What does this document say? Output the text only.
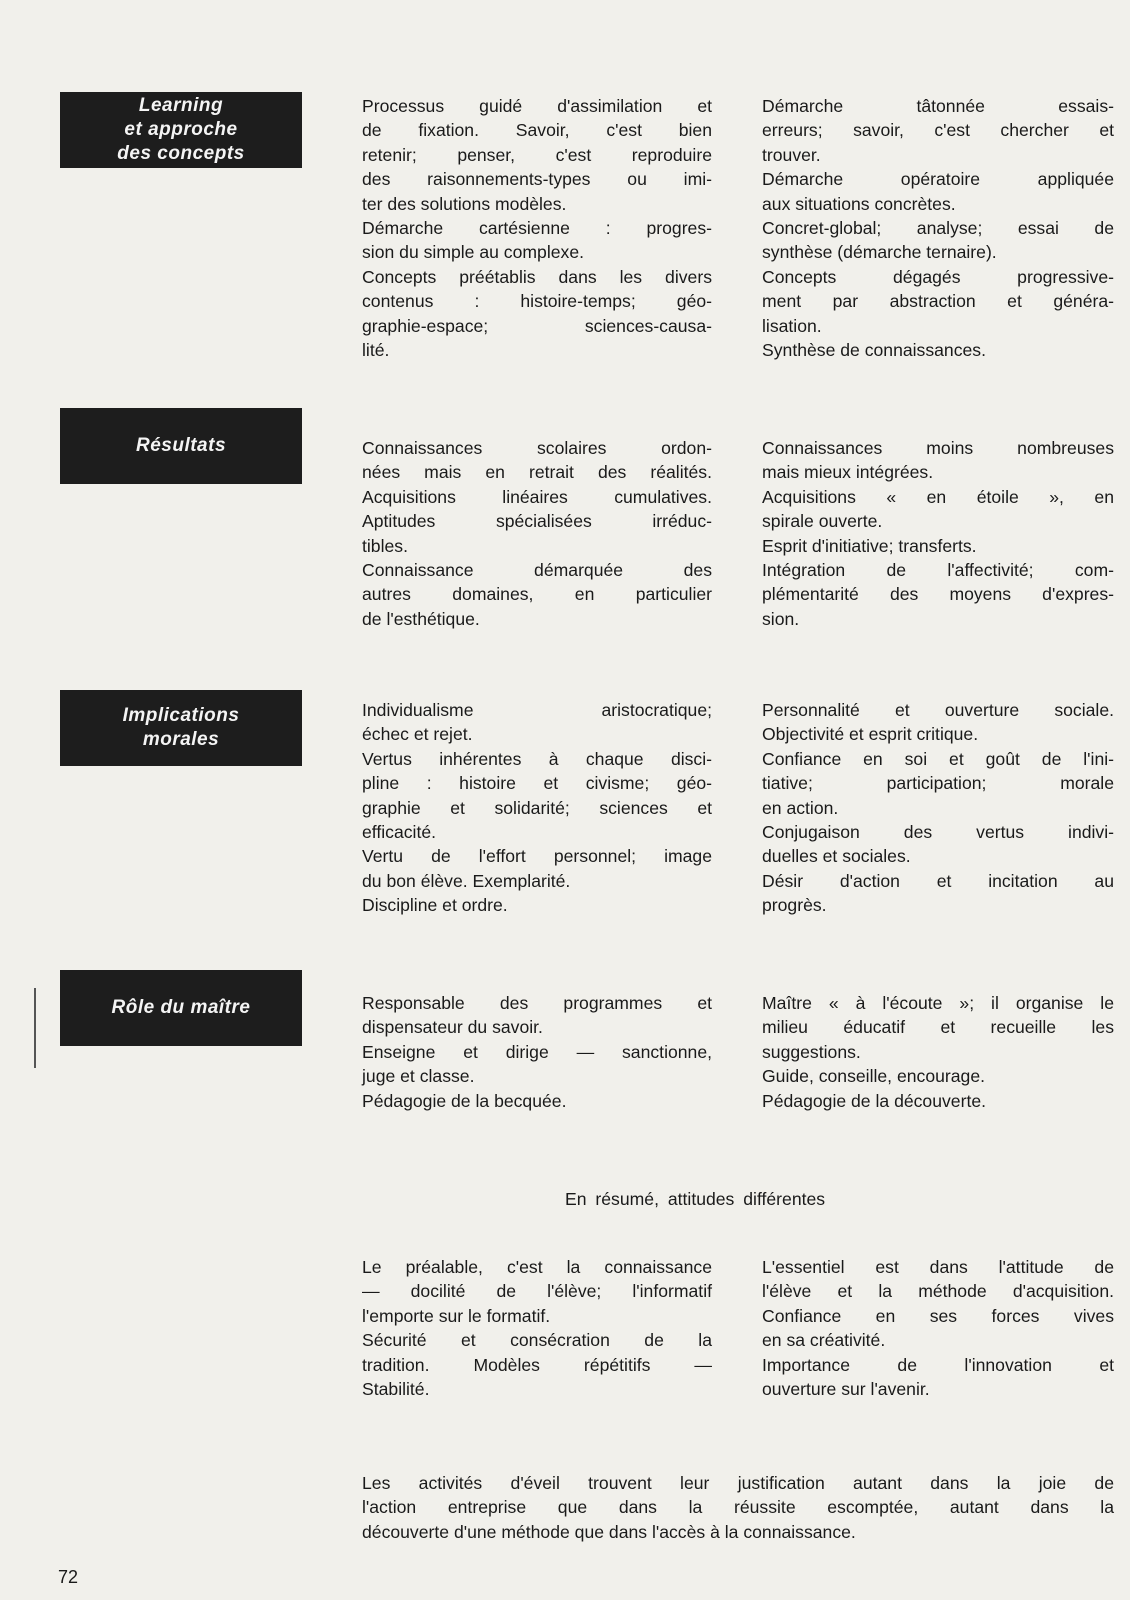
Learning
et approche
des concepts
Processus guidé d'assimilation et
de fixation. Savoir, c'est bien
retenir; penser, c'est reproduire
des raisonnements-types ou imi-
ter des solutions modèles.
Démarche cartésienne : progres-
sion du simple au complexe.
Concepts préétablis dans les divers
contenus : histoire-temps; géo-
graphie-espace; sciences-causa-
lité.
Démarche tâtonnée essais-
erreurs; savoir, c'est chercher et
trouver.
Démarche opératoire appliquée
aux situations concrètes.
Concret-global; analyse; essai de
synthèse (démarche ternaire).
Concepts dégagés progressive-
ment par abstraction et généra-
lisation.
Synthèse de connaissances.
Résultats	Connaissances scolaires ordon-
nées mais en retrait des réalités.
Acquisitions linéaires cumulatives.
Aptitudes spécialisées irréduc-
tibles.
Connaissance démarquée des
autres domaines, en particulier
de l'esthétique.
Connaissances moins nombreuses
mais mieux intégrées.
Acquisitions « en étoile », en
spirale ouverte.
Esprit d'initiative; transferts.
Intégration de l'affectivité; com-
plémentarité des moyens d'expres-
sion.
Implications
morales
Individualisme aristocratique;
échec et rejet.
Vertus inhérentes à chaque disci-
pline : histoire et civisme; géo-
graphie et solidarité; sciences et
efficacité.
Vertu de l'effort personnel; image
du bon élève. Exemplarité.
Discipline et ordre.
Personnalité et ouverture sociale.
Objectivité et esprit critique.
Confiance en soi et goût de l'ini-
tiative; participation; morale
en action.
Conjugaison des vertus indivi-
duelles et sociales.
Désir d'action et incitation au
progrès.
Rôle du maître	Responsable des programmes et
dispensateur du savoir.
Enseigne et dirige — sanctionne,
juge et classe.
Pédagogie de la becquée.
Maître « à l'écoute »; il organise le
milieu éducatif et recueille les
suggestions.
Guide, conseille, encourage.
Pédagogie de la découverte.
En résumé, attitudes différentes
Le préalable, c'est la connaissance
— docilité de l'élève; l'informatif
l'emporte sur le formatif.
Sécurité et consécration de la
tradition. Modèles répétitifs —
Stabilité.
L'essentiel est dans l'attitude de
l'élève et la méthode d'acquisition.
Confiance en ses forces vives
en sa créativité.
Importance de l'innovation et
ouverture sur l'avenir.
Les activités d'éveil trouvent leur justification autant dans la joie de
l'action entreprise que dans la réussite escomptée, autant dans la
découverte d'une méthode que dans l'accès à la connaissance.
72
